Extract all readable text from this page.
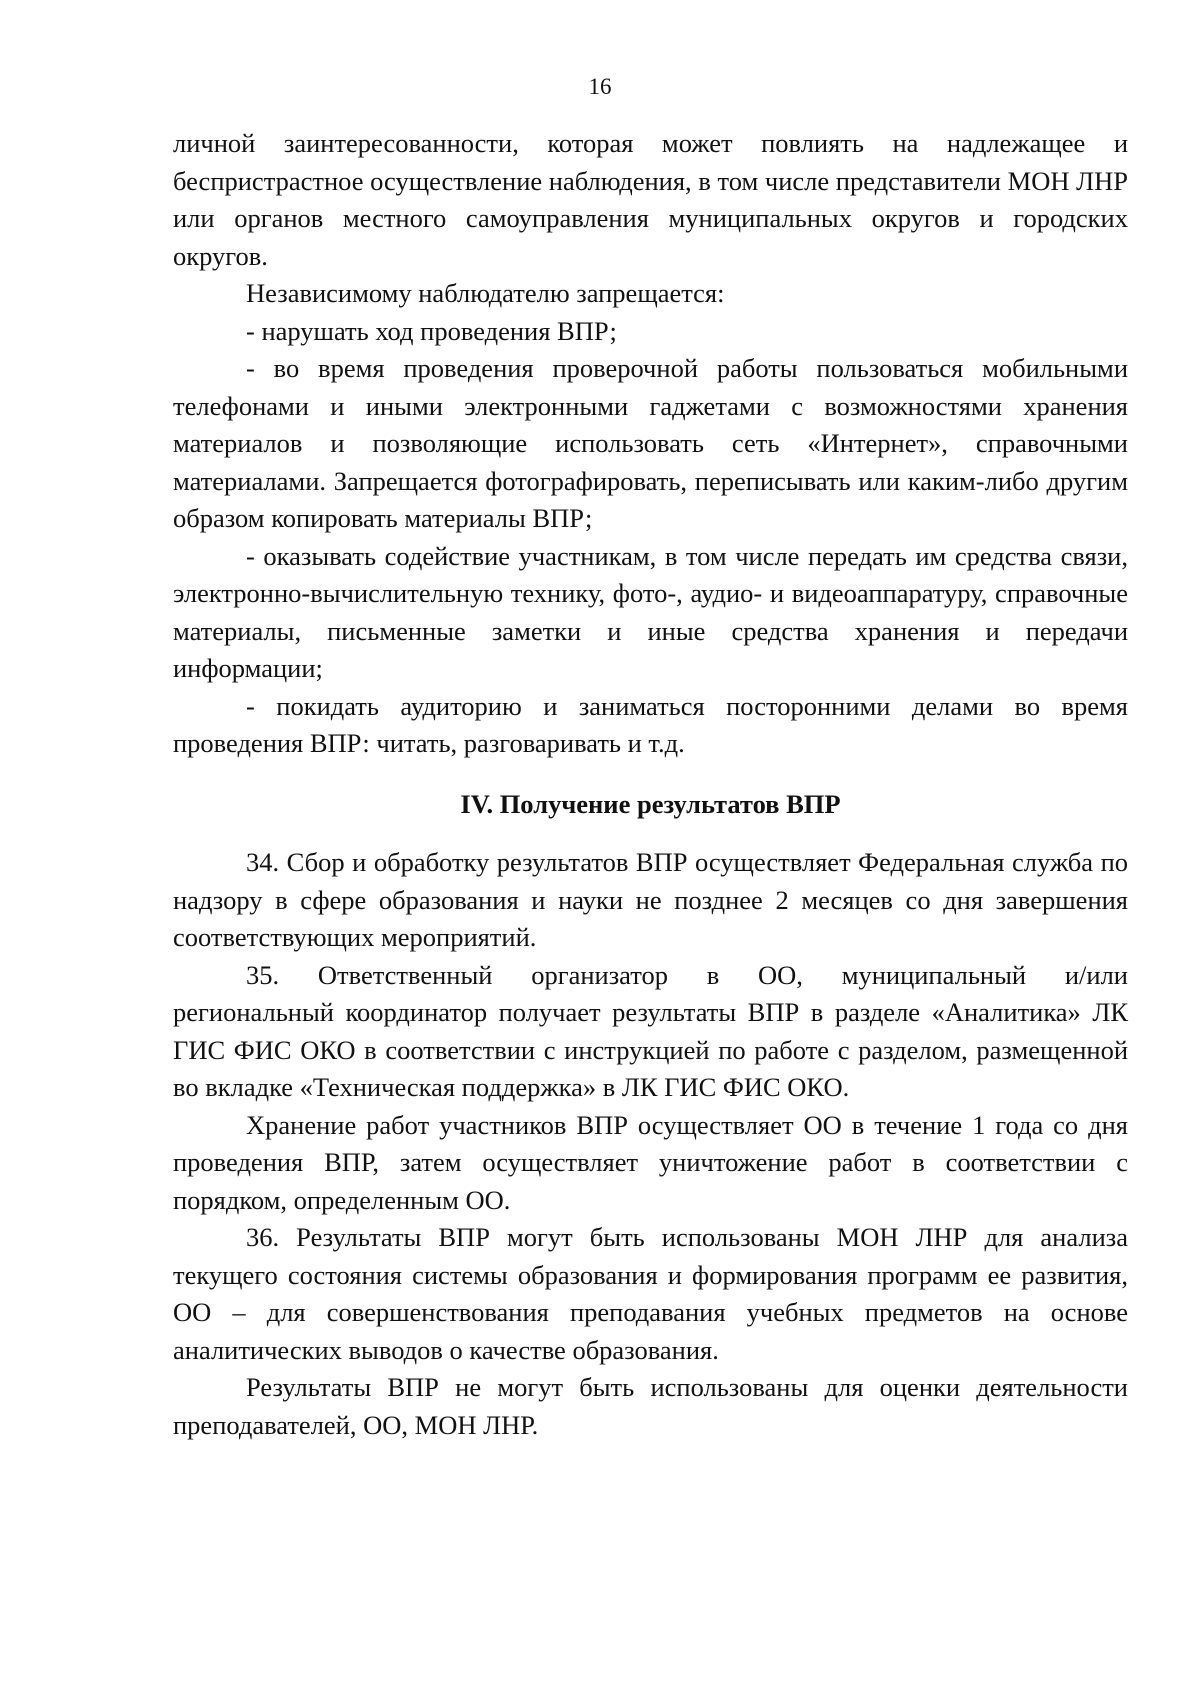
16

личной заинтересованности, которая может повлиять на надлежащее и беспристрастное осуществление наблюдения, в том числе представители МОН ЛНР или органов местного самоуправления муниципальных округов и городских округов.

Независимому наблюдателю запрещается:

- нарушать ход проведения ВПР;

- во время проведения проверочной работы пользоваться мобильными телефонами и иными электронными гаджетами с возможностями хранения материалов и позволяющие использовать сеть «Интернет», справочными материалами. Запрещается фотографировать, переписывать или каким-либо другим образом копировать материалы ВПР;

- оказывать содействие участникам, в том числе передать им средства связи, электронно-вычислительную технику, фото-, аудио- и видеоаппаратуру, справочные материалы, письменные заметки и иные средства хранения и передачи информации;

- покидать аудиторию и заниматься посторонними делами во время проведения ВПР: читать, разговаривать и т.д.

IV. Получение результатов ВПР

34. Сбор и обработку результатов ВПР осуществляет Федеральная служба по надзору в сфере образования и науки не позднее 2 месяцев со дня завершения соответствующих мероприятий.

35. Ответственный организатор в ОО, муниципальный и/или

региональный координатор получает результаты ВПР в разделе «Аналитика» ЛК ГИС ФИС ОКО в соответствии с инструкцией по работе с разделом, размещенной во вкладке «Техническая поддержка» в ЛК ГИС ФИС ОКО.

Хранение работ участников ВПР осуществляет ОО в течение 1 года со дня проведения ВПР, затем осуществляет уничтожение работ в соответствии с порядком, определенным ОО.

36. Результаты ВПР могут быть использованы МОН ЛНР для анализа текущего состояния системы образования и формирования программ ее развития, ОО – для совершенствования преподавания учебных предметов на основе аналитических выводов о качестве образования.

Результаты ВПР не могут быть использованы для оценки деятельности преподавателей, ОО, МОН ЛНР.
